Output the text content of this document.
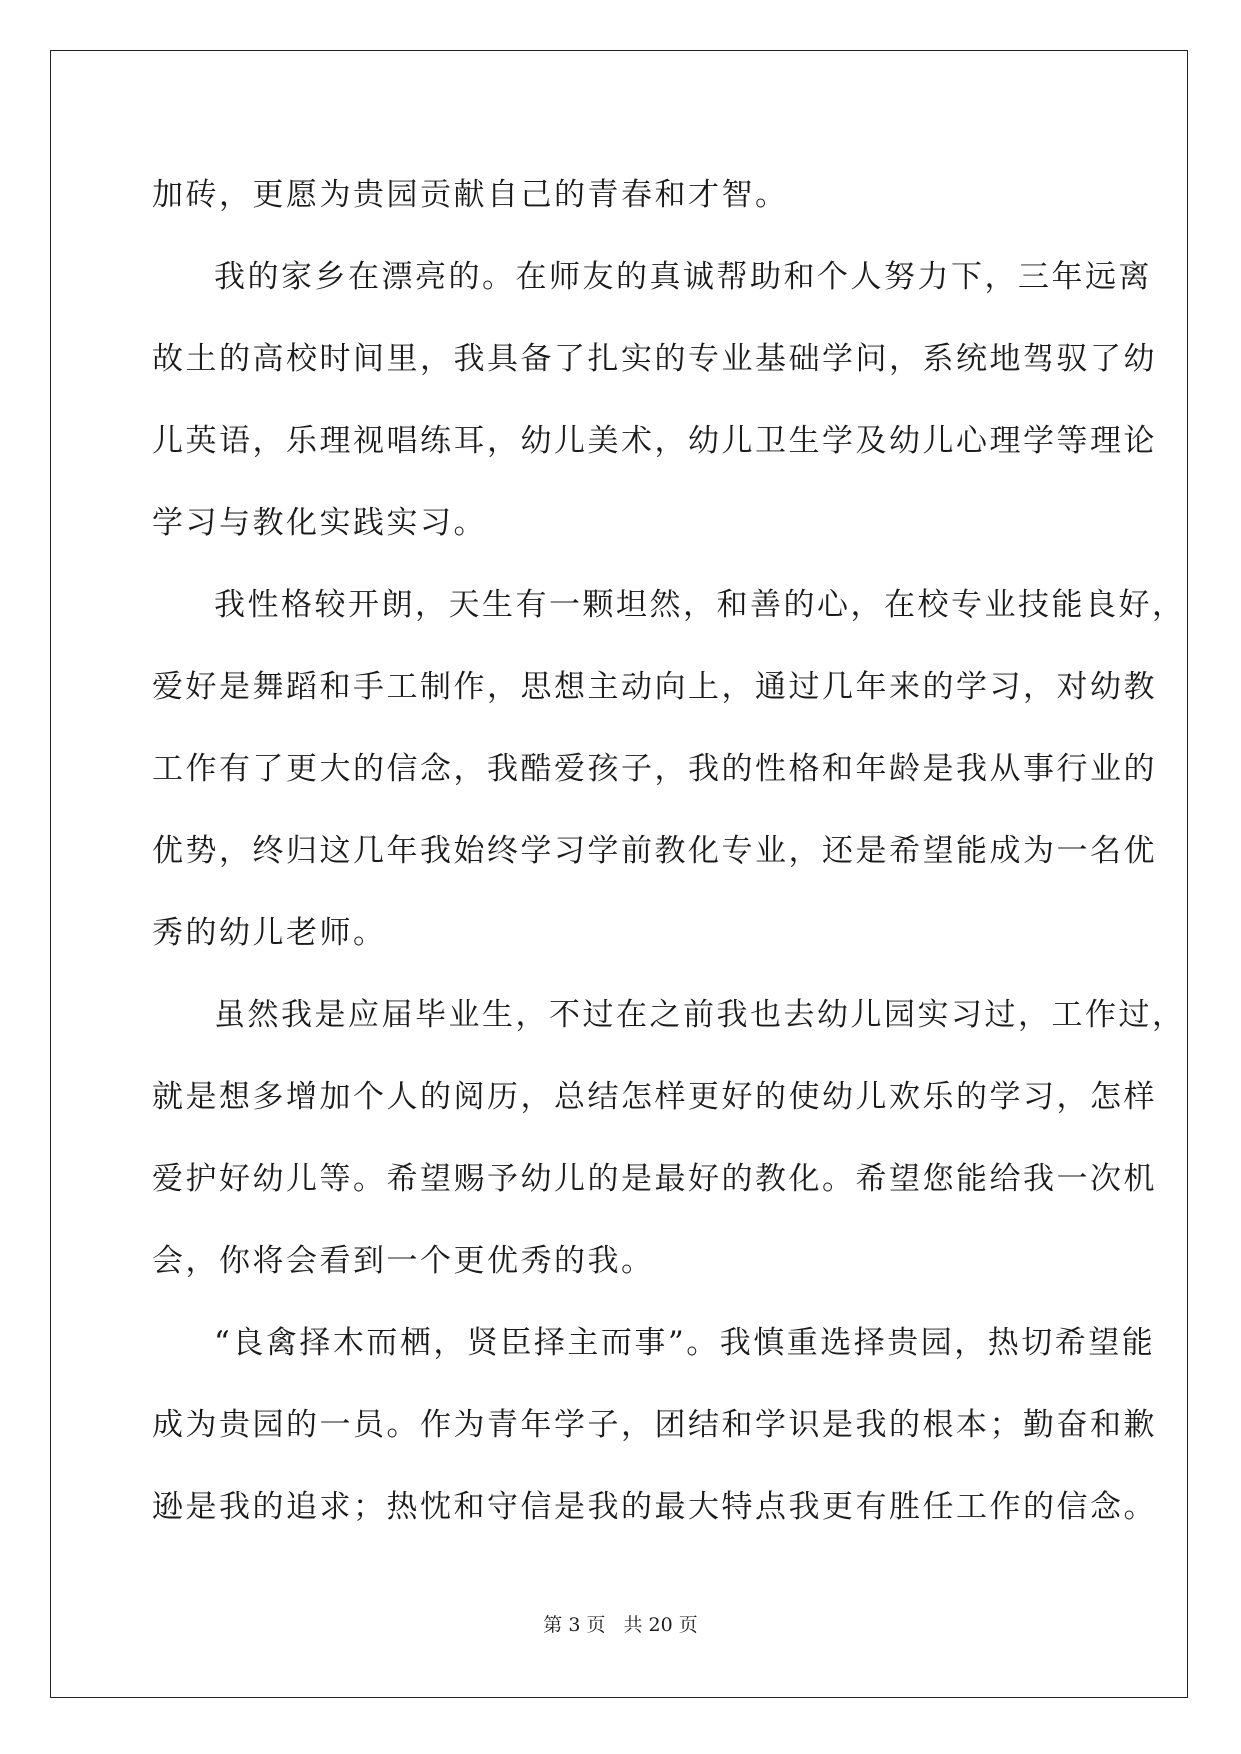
加砖，更愿为贵园贡献自己的青春和才智。
我的家乡在漂亮的。在师友的真诚帮助和个人努力下，三年远离
故土的高校时间里，我具备了扎实的专业基础学问，系统地驾驭了幼
儿英语，乐理视唱练耳，幼儿美术，幼儿卫生学及幼儿心理学等理论
学习与教化实践实习。
我性格较开朗，天生有一颗坦然，和善的心，在校专业技能良好，
爱好是舞蹈和手工制作，思想主动向上，通过几年来的学习，对幼教
工作有了更大的信念，我酷爱孩子，我的性格和年龄是我从事行业的
优势，终归这几年我始终学习学前教化专业，还是希望能成为一名优
秀的幼儿老师。
虽然我是应届毕业生，不过在之前我也去幼儿园实习过，工作过，
就是想多增加个人的阅历，总结怎样更好的使幼儿欢乐的学习，怎样
爱护好幼儿等。希望赐予幼儿的是最好的教化。希望您能给我一次机
会，你将会看到一个更优秀的我。
“良禽择木而栖，贤臣择主而事”。我慎重选择贵园，热切希望能
成为贵园的一员。作为青年学子，团结和学识是我的根本；勤奋和歉
逊是我的追求；热忱和守信是我的最大特点我更有胜任工作的信念。
第 3 页 共 20 页
